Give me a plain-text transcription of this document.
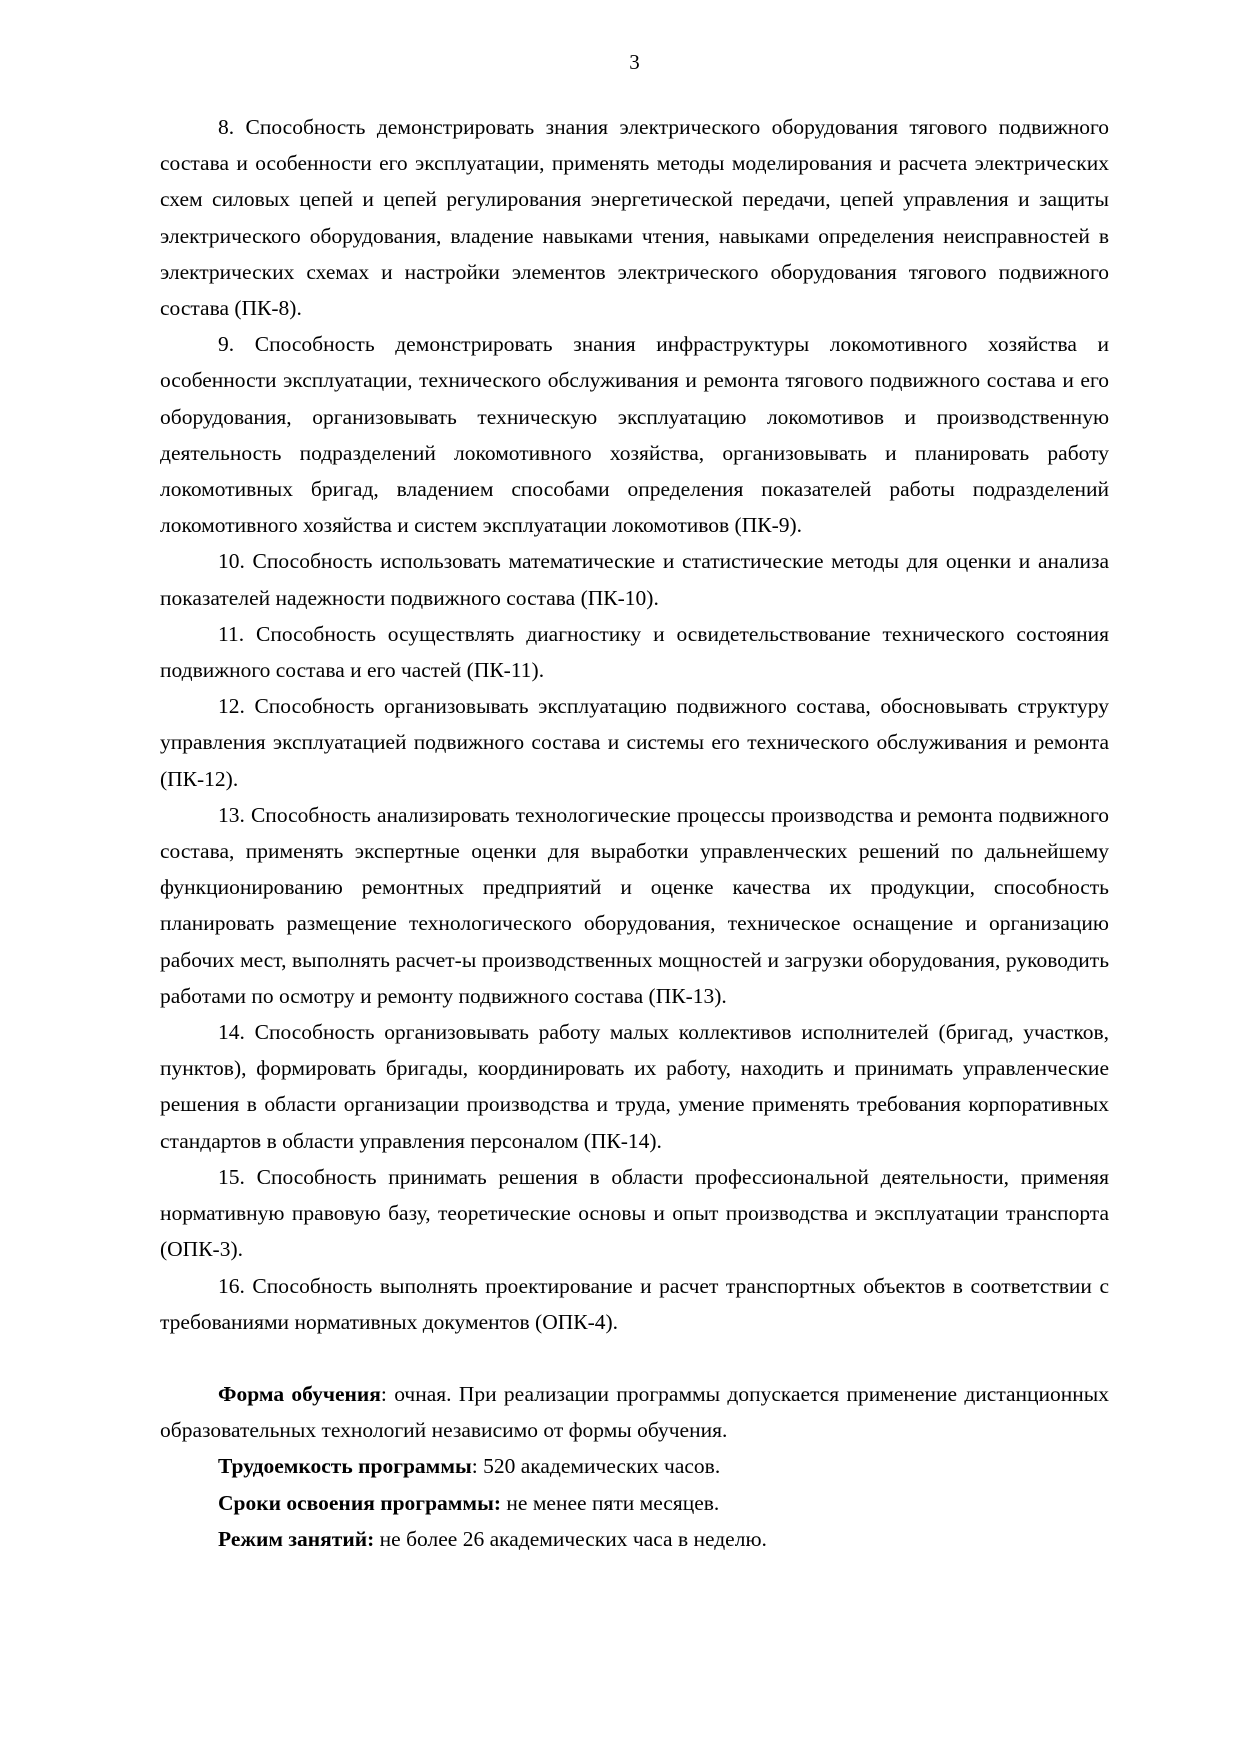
3

8. Способность демонстрировать знания электрического оборудования тягового подвижного состава и особенности его эксплуатации, применять методы моделирования и расчета электрических схем силовых цепей и цепей регулирования энергетической передачи, цепей управления и защиты электрического оборудования, владение навыками чтения, навыками определения неисправностей в электрических схемах и настройки элементов электрического оборудования тягового подвижного состава (ПК-8).

9. Способность демонстрировать знания инфраструктуры локомотивного хозяйства и особенности эксплуатации, технического обслуживания и ремонта тягового подвижного состава и его оборудования, организовывать техническую эксплуатацию локомотивов и производственную деятельность подразделений локомотивного хозяйства, организовывать и планировать работу локомотивных бригад, владением способами определения показателей работы подразделений локомотивного хозяйства и систем эксплуатации локомотивов (ПК-9).

10. Способность использовать математические и статистические методы для оценки и анализа показателей надежности подвижного состава (ПК-10).

11. Способность осуществлять диагностику и освидетельствование технического состояния подвижного состава и его частей (ПК-11).

12. Способность организовывать эксплуатацию подвижного состава, обосновывать структуру управления эксплуатацией подвижного состава и системы его технического обслуживания и ремонта (ПК-12).

13. Способность анализировать технологические процессы производства и ремонта подвижного состава, применять экспертные оценки для выработки управленческих решений по дальнейшему функционированию ремонтных предприятий и оценке качества их продукции, способность планировать размещение технологического оборудования, техническое оснащение и организацию рабочих мест, выполнять расчет-ы производственных мощностей и загрузки оборудования, руководить работами по осмотру и ремонту подвижного состава (ПК-13).

14. Способность организовывать работу малых коллективов исполнителей (бригад, участков, пунктов), формировать бригады, координировать их работу, находить и принимать управленческие решения в области организации производства и труда, умение применять требования корпоративных стандартов в области управления персоналом (ПК-14).

15. Способность принимать решения в области профессиональной деятельности, применяя нормативную правовую базу, теоретические основы и опыт производства и эксплуатации транспорта (ОПК-3).

16. Способность выполнять проектирование и расчет транспортных объектов в соответствии с требованиями нормативных документов (ОПК-4).

Форма обучения: очная. При реализации программы допускается применение дистанционных образовательных технологий независимо от формы обучения.

Трудоемкость программы: 520 академических часов.

Сроки освоения программы: не менее пяти месяцев.

Режим занятий: не более 26 академических часа в неделю.
